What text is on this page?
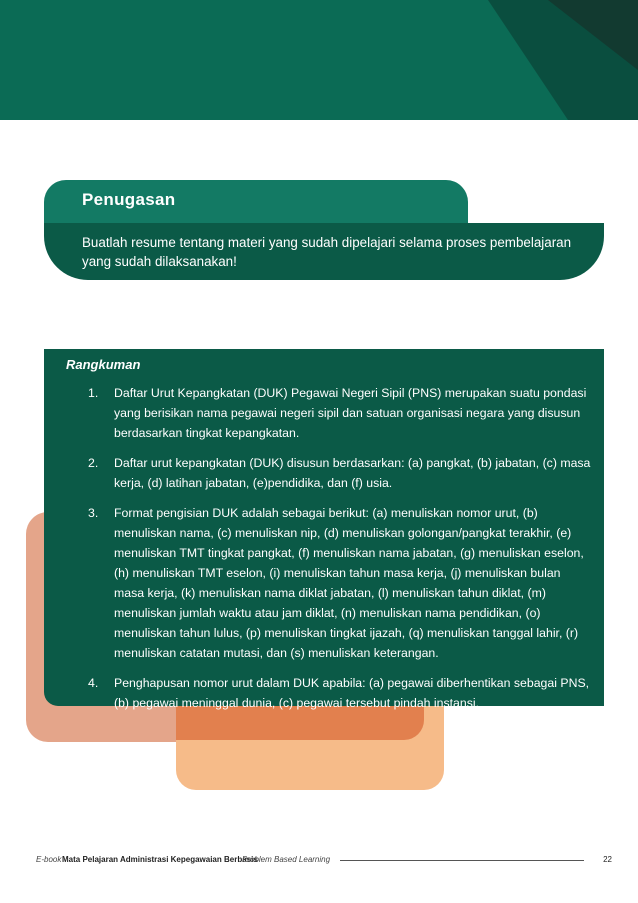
Penugasan
Buatlah resume tentang materi yang sudah dipelajari selama proses pembelajaran yang sudah dilaksanakan!
Rangkuman
1. Daftar Urut Kepangkatan (DUK) Pegawai Negeri Sipil (PNS) merupakan suatu pondasi yang berisikan nama pegawai negeri sipil dan satuan organisasi negara yang disusun berdasarkan tingkat kepangkatan.
2. Daftar urut kepangkatan (DUK) disusun berdasarkan: (a) pangkat, (b) jabatan, (c) masa kerja, (d) latihan jabatan, (e)pendidika, dan (f) usia.
3. Format pengisian DUK adalah sebagai berikut: (a) menuliskan nomor urut, (b) menuliskan nama, (c) menuliskan nip, (d) menuliskan golongan/pangkat terakhir, (e) menuliskan TMT tingkat pangkat, (f) menuliskan nama jabatan, (g) menuliskan eselon, (h) menuliskan TMT eselon, (i) menuliskan tahun masa kerja, (j) menuliskan bulan masa kerja, (k) menuliskan nama diklat jabatan, (l) menuliskan tahun diklat, (m) menuliskan jumlah waktu atau jam diklat, (n) menuliskan nama pendidikan, (o) menuliskan tahun lulus, (p) menuliskan tingkat ijazah, (q) menuliskan tanggal lahir, (r) menuliskan catatan mutasi, dan (s) menuliskan keterangan.
4. Penghapusan nomor urut dalam DUK apabila: (a) pegawai diberhentikan sebagai PNS, (b) pegawai meninggal dunia, (c) pegawai tersebut pindah instansi.
E-book Mata Pelajaran Administrasi Kepegawaian Berbasis
Problem Based Learning	22
